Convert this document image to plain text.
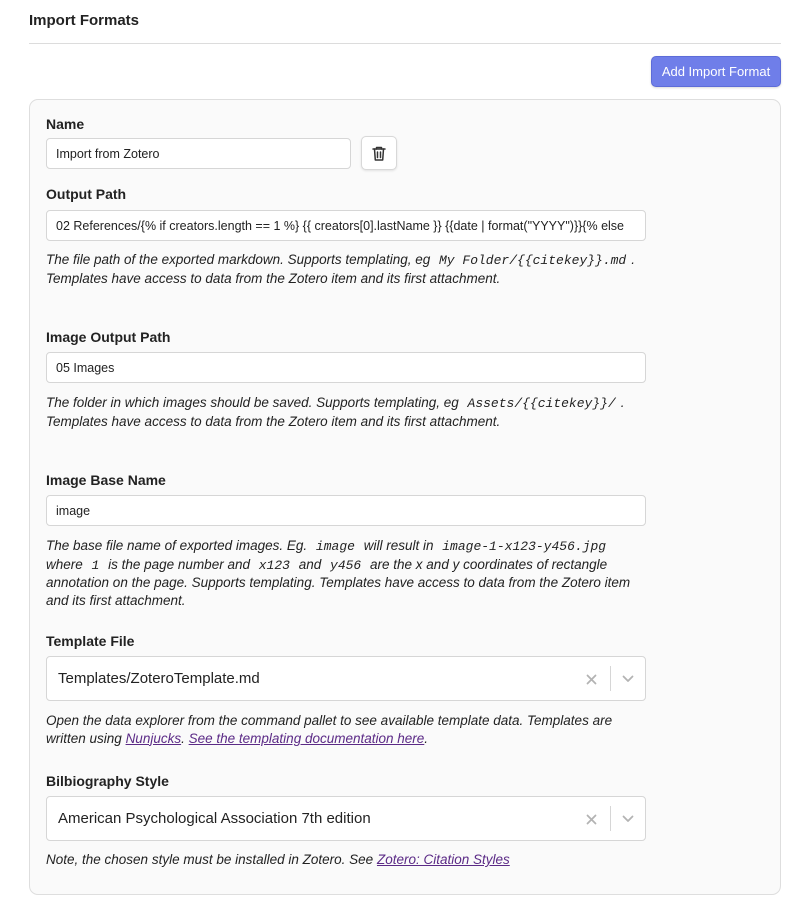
Import Formats
Add Import Format
Name
Import from Zotero
Output Path
02 References/{% if creators.length == 1 %} {{ creators[0].lastName }} {{date | format("YYYY")}}{% else
The file path of the exported markdown. Supports templating, eg My Folder/{{citekey}}.md . Templates have access to data from the Zotero item and its first attachment.
Image Output Path
05 Images
The folder in which images should be saved. Supports templating, eg Assets/{{citekey}}/ . Templates have access to data from the Zotero item and its first attachment.
Image Base Name
image
The base file name of exported images. Eg. image will result in image-1-x123-y456.jpg where 1 is the page number and x123 and y456 are the x and y coordinates of rectangle annotation on the page. Supports templating. Templates have access to data from the Zotero item and its first attachment.
Template File
Templates/ZoteroTemplate.md
Open the data explorer from the command pallet to see available template data. Templates are written using Nunjucks. See the templating documentation here.
Bilbiography Style
American Psychological Association 7th edition
Note, the chosen style must be installed in Zotero. See Zotero: Citation Styles
